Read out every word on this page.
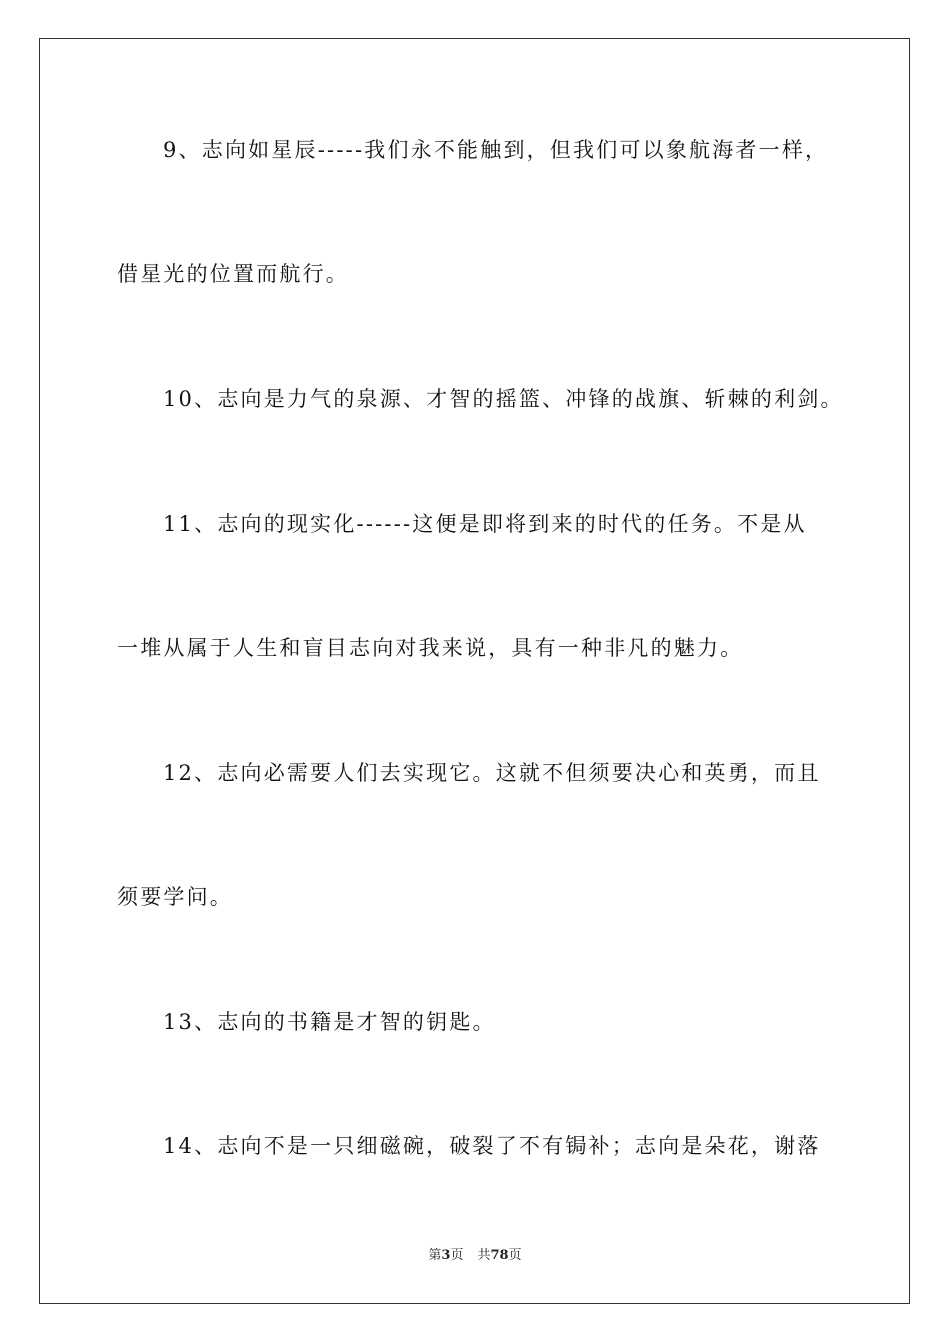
9、志向如星辰-----我们永不能触到，但我们可以象航海者一样，
借星光的位置而航行。
10、志向是力气的泉源、才智的摇篮、冲锋的战旗、斩棘的利剑。
11、志向的现实化------这便是即将到来的时代的任务。不是从
一堆从属于人生和盲目志向对我来说，具有一种非凡的魅力。
12、志向必需要人们去实现它。这就不但须要决心和英勇，而且
须要学问。
13、志向的书籍是才智的钥匙。
14、志向不是一只细磁碗，破裂了不有锔补；志向是朵花，谢落
第3页 共78页
